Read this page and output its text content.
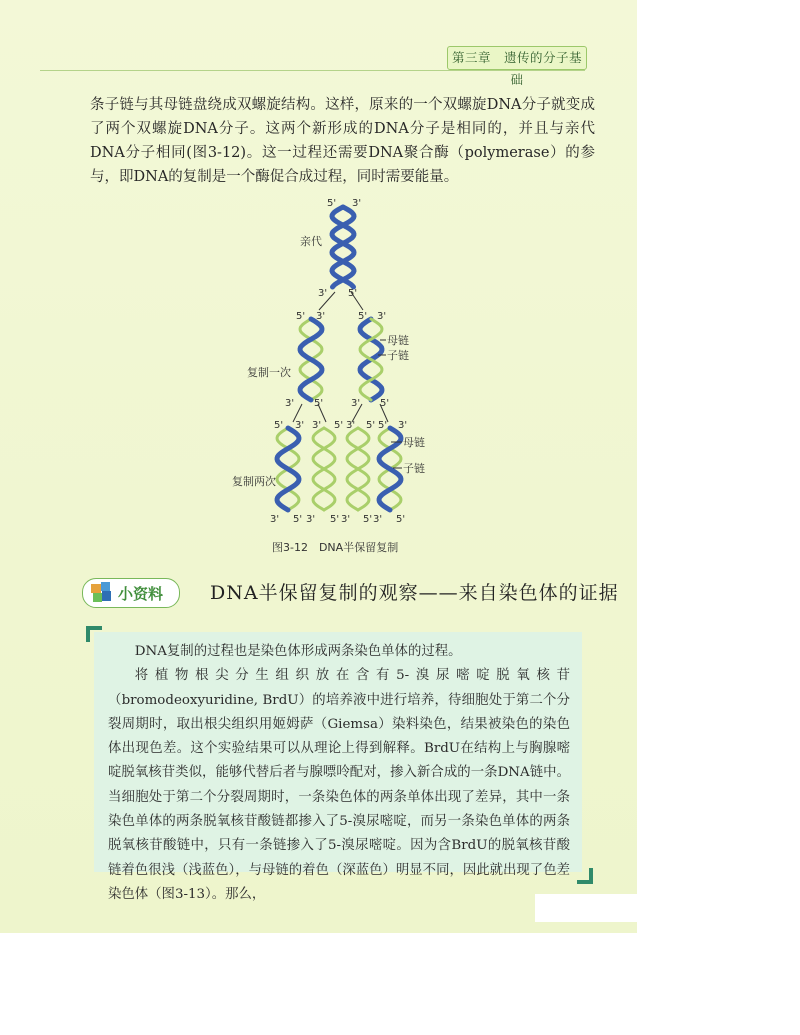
第三章　遗传的分子基础

条子链与其母链盘绕成双螺旋结构。这样，原来的一个双螺旋DNA分子就变成了两个双螺旋DNA分子。这两个新形成的DNA分子是相同的，并且与亲代DNA分子相同(图3-12)。这一过程还需要DNA聚合酶（polymerase）的参与，即DNA的复制是一个酶促合成过程，同时需要能量。

5' 3'
3' 5'
5' 3'	5' 3'
3' 5'	3' 5'
5' 3' 3' 5' 3' 5' 5' 3'
3' 5' 3' 5' 3' 5' 3' 5'
亲代
复制一次
复制两次
母链
子链
母链
子链
图3-12　DNA半保留复制
小资料 DNA半保留复制的观察——来自染色体的证据

DNA复制的过程也是染色体形成两条染色单体的过程。

将植物根尖分生组织放在含有5-溴尿嘧啶脱氧核苷（bromodeoxyuridine, BrdU）的培养液中进行培养，待细胞处于第二个分裂周期时，取出根尖组织用姬姆萨（Giemsa）染料染色，结果被染色的染色体出现色差。这个实验结果可以从理论上得到解释。BrdU在结构上与胸腺嘧啶脱氧核苷类似，能够代替后者与腺嘌呤配对，掺入新合成的一条DNA链中。当细胞处于第二个分裂周期时，一条染色体的两条单体出现了差异，其中一条染色单体的两条脱氧核苷酸链都掺入了5-溴尿嘧啶，而另一条染色单体的两条脱氧核苷酸链中，只有一条链掺入了5-溴尿嘧啶。因为含BrdU的脱氧核苷酸链着色很浅（浅蓝色），与母链的着色（深蓝色）明显不同，因此就出现了色差染色体（图3-13）。那么，
